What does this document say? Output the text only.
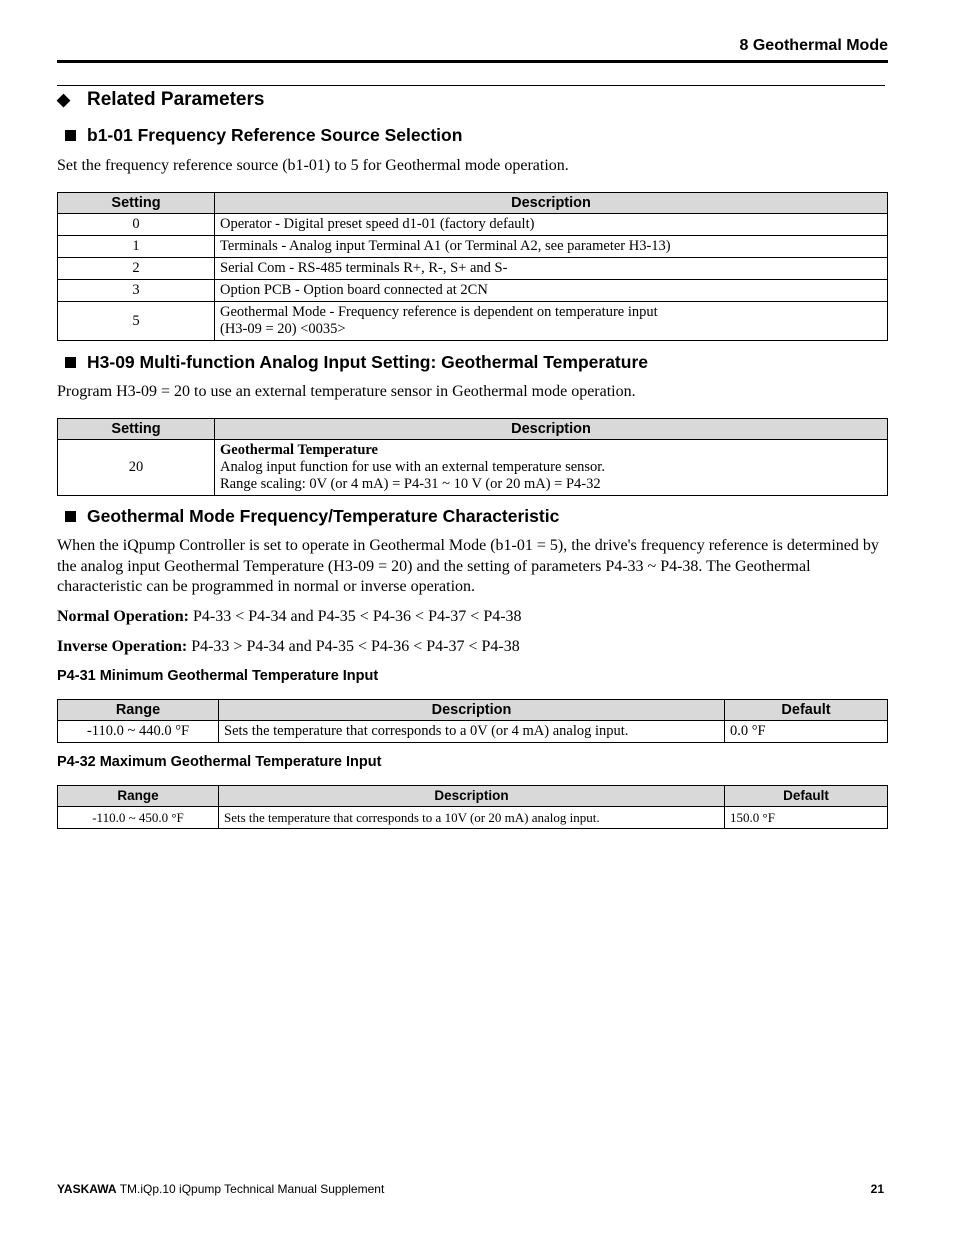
8 Geothermal Mode
◆ Related Parameters
b1-01 Frequency Reference Source Selection

Set the frequency reference source (b1-01) to 5 for Geothermal mode operation.

Setting	Description
0	Operator - Digital preset speed d1-01 (factory default)
1	Terminals - Analog input Terminal A1 (or Terminal A2, see parameter H3-13)
2	Serial Com - RS-485 terminals R+, R-, S+ and S-
3	Option PCB - Option board connected at 2CN
5	Geothermal Mode - Frequency reference is dependent on temperature input
(H3-09 = 20) <0035>
H3-09 Multi-function Analog Input Setting: Geothermal Temperature

Program H3-09 = 20 to use an external temperature sensor in Geothermal mode operation.

Setting	Description
20	Geothermal Temperature
Analog input function for use with an external temperature sensor.
Range scaling: 0V (or 4 mA) = P4-31 ~ 10 V (or 20 mA) = P4-32
Geothermal Mode Frequency/Temperature Characteristic

When the iQpump Controller is set to operate in Geothermal Mode (b1-01 = 5), the drive's frequency reference is determined by the analog input Geothermal Temperature (H3-09 = 20) and the setting of parameters P4-33 ~ P4-38. The Geothermal characteristic can be programmed in normal or inverse operation.

Normal Operation: P4-33 < P4-34 and P4-35 < P4-36 < P4-37 < P4-38

Inverse Operation: P4-33 > P4-34 and P4-35 < P4-36 < P4-37 < P4-38

P4-31 Minimum Geothermal Temperature Input
Range	Description	Default
-110.0 ~ 440.0 °F	Sets the temperature that corresponds to a 0V (or 4 mA) analog input.	0.0 °F
P4-32 Maximum Geothermal Temperature Input
Range	Description	Default
-110.0 ~ 450.0 °F	Sets the temperature that corresponds to a 10V (or 20 mA) analog input.	150.0 °F
YASKAWA TM.iQp.10 iQpump Technical Manual Supplement	21
